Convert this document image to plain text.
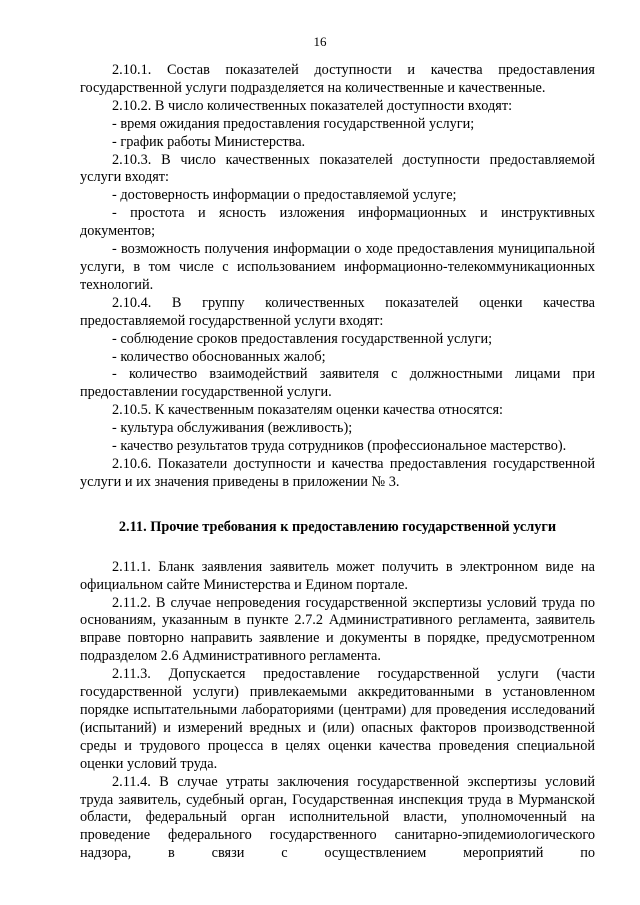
16

2.10.1. Состав показателей доступности и качества предоставления государственной услуги подразделяется на количественные и качественные.

2.10.2. В число количественных показателей доступности входят:

- время ожидания предоставления государственной услуги;

- график работы Министерства.

2.10.3. В число качественных показателей доступности предоставляемой услуги входят:

- достоверность информации о предоставляемой услуге;

- простота и ясность изложения информационных и инструктивных документов;

- возможность получения информации о ходе предоставления муниципальной услуги, в том числе с использованием информационно-телекоммуникационных технологий.

2.10.4. В группу количественных показателей оценки качества предоставляемой государственной услуги входят:

- соблюдение сроков предоставления государственной услуги;

- количество обоснованных жалоб;

- количество взаимодействий заявителя с должностными лицами при предоставлении государственной услуги.

2.10.5. К качественным показателям оценки качества относятся:

- культура обслуживания (вежливость);

- качество результатов труда сотрудников (профессиональное мастерство).

2.10.6. Показатели доступности и качества предоставления государственной услуги и их значения приведены в приложении № 3.

2.11. Прочие требования к предоставлению государственной услуги

2.11.1. Бланк заявления заявитель может получить в электронном виде на официальном сайте Министерства и Едином портале.

2.11.2. В случае непроведения государственной экспертизы условий труда по основаниям, указанным в пункте 2.7.2 Административного регламента, заявитель вправе повторно направить заявление и документы в порядке, предусмотренном подразделом 2.6 Административного регламента.

2.11.3. Допускается предоставление государственной услуги (части государственной услуги) привлекаемыми аккредитованными в установленном порядке испытательными лабораториями (центрами) для проведения исследований (испытаний) и измерений вредных и (или) опасных факторов производственной среды и трудового процесса в целях оценки качества проведения специальной оценки условий труда.

2.11.4. В случае утраты заключения государственной экспертизы условий труда заявитель, судебный орган, Государственная инспекция труда в Мурманской области, федеральный орган исполнительной власти, уполномоченный на проведение федерального государственного санитарно-эпидемиологического надзора, в связи с осуществлением мероприятий по
